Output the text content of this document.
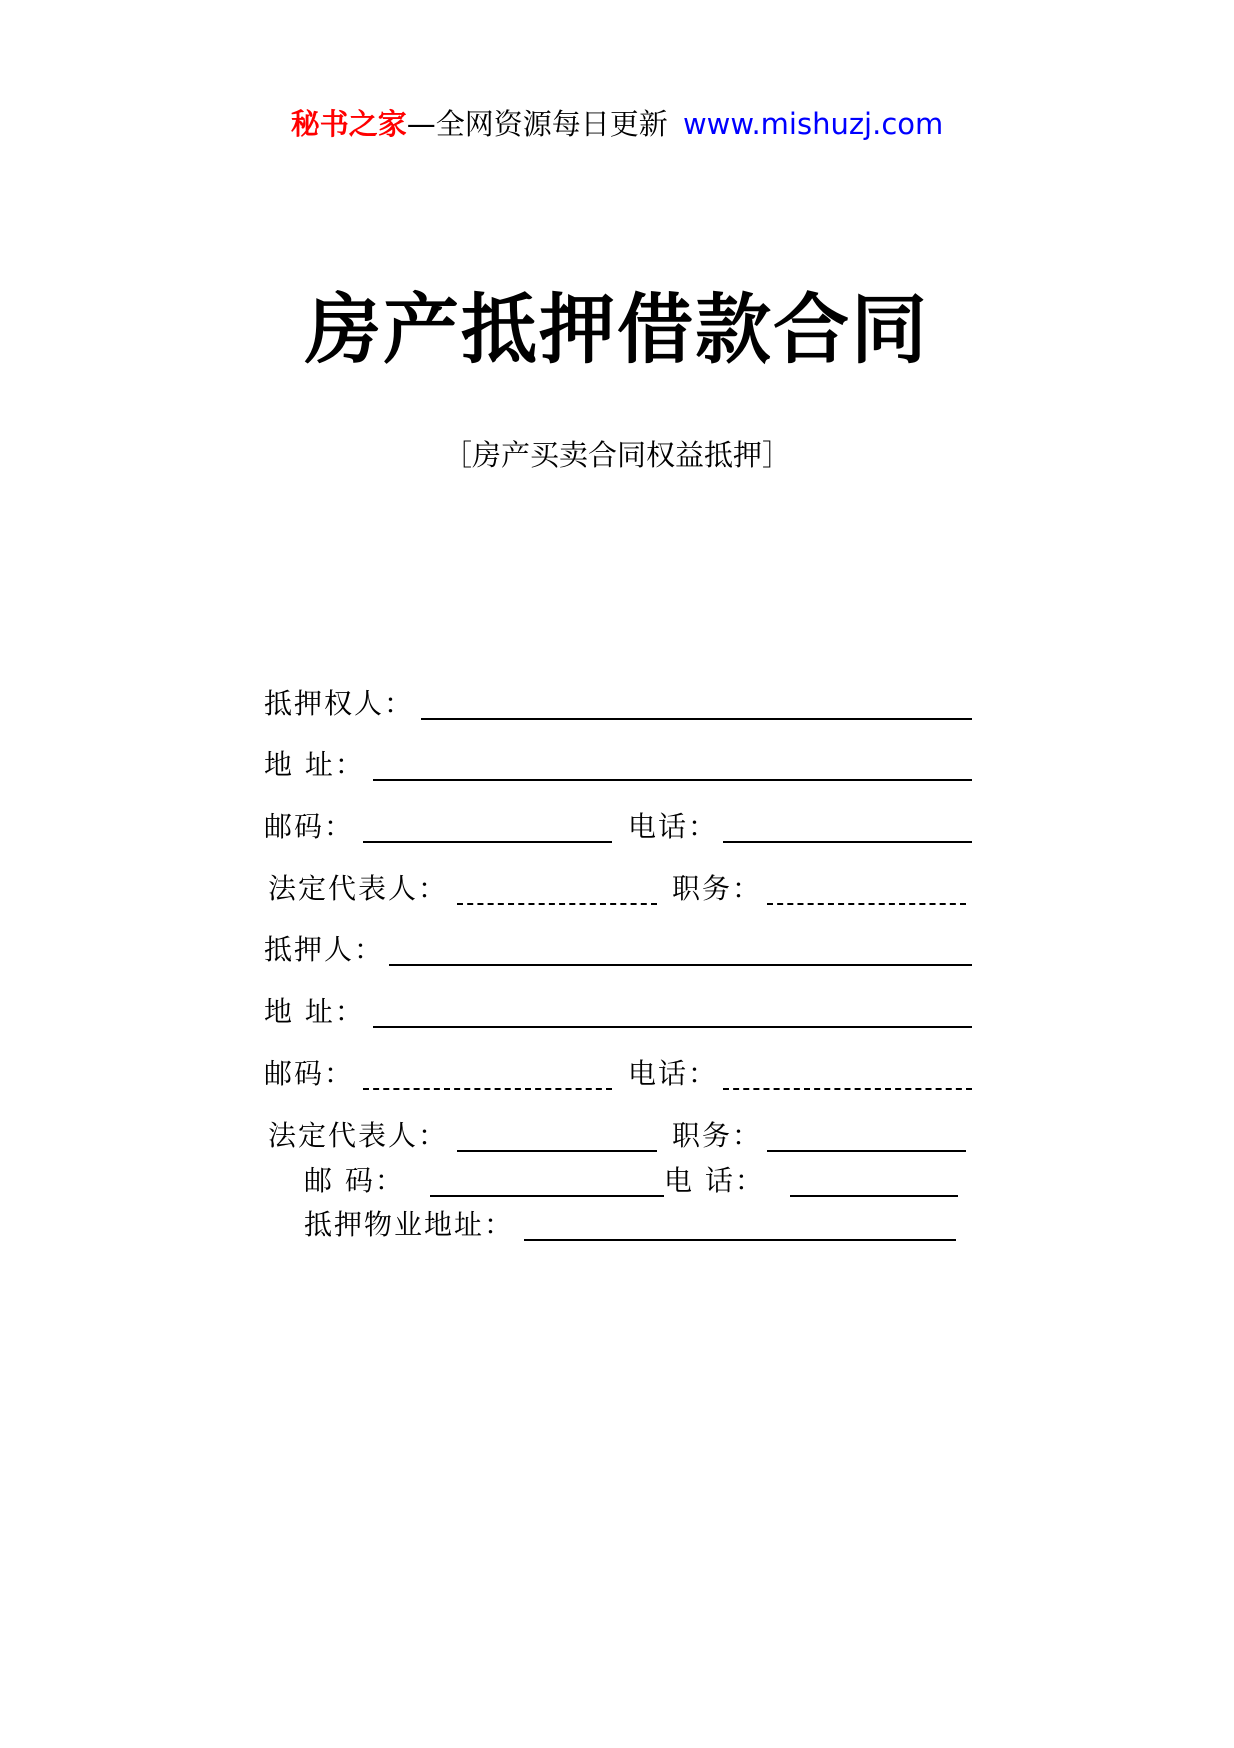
秘书之家—全网资源每日更新 www.mishuzj.com
房产抵押借款合同
［房产买卖合同权益抵押］
抵押权人：
地 址：
邮码：	电话：
法定代表人：	职务：
抵押人：
地 址：
邮码：	电话：
法定代表人：	职务：
邮 码：	电 话：
抵押物业地址：
